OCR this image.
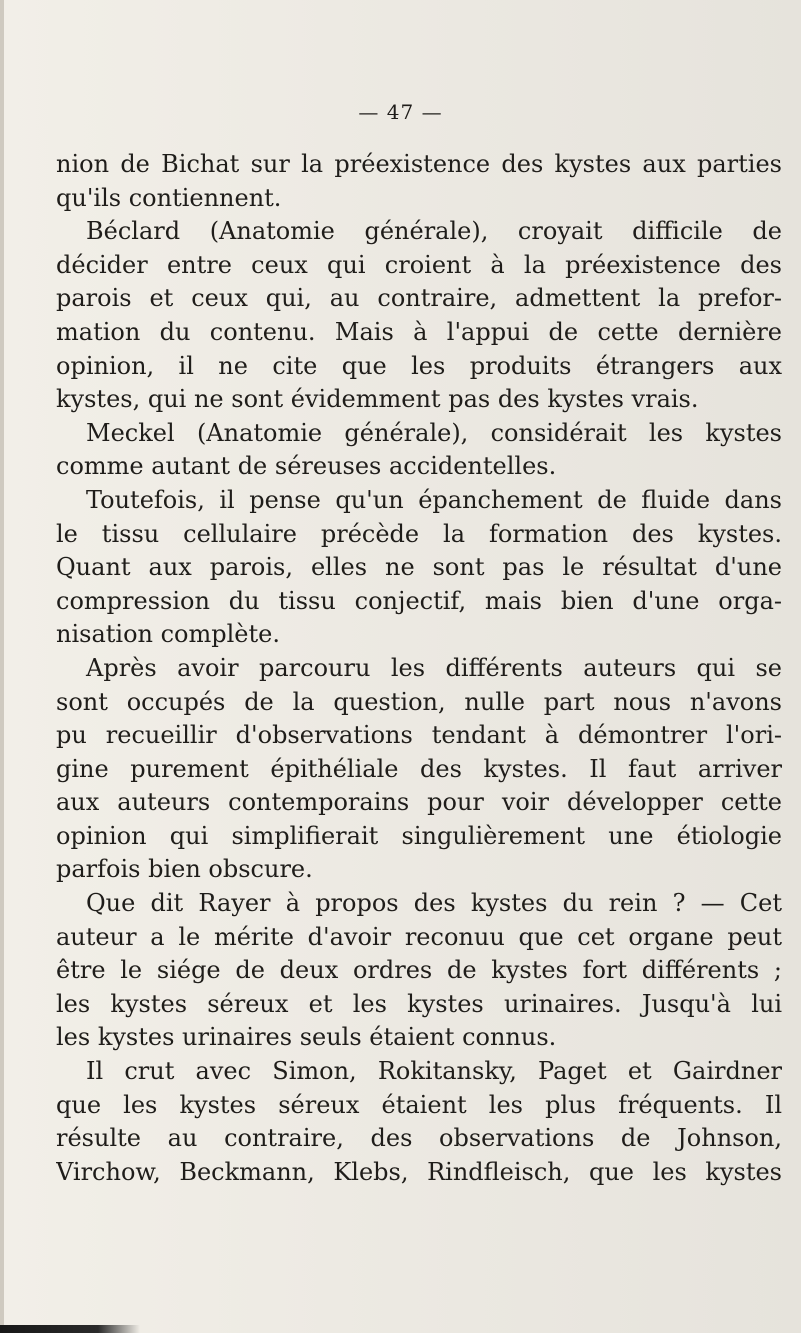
— 47 —
nion de Bichat sur la préexistence des kystes aux parties
qu'ils contiennent.
Béclard (Anatomie générale), croyait difficile de
décider entre ceux qui croient à la préexistence des
parois et ceux qui, au contraire, admettent la prefor-
mation du contenu. Mais à l'appui de cette dernière
opinion, il ne cite que les produits étrangers aux
kystes, qui ne sont évidemment pas des kystes vrais.
Meckel (Anatomie générale), considérait les kystes
comme autant de séreuses accidentelles.
Toutefois, il pense qu'un épanchement de fluide dans
le tissu cellulaire précède la formation des kystes.
Quant aux parois, elles ne sont pas le résultat d'une
compression du tissu conjectif, mais bien d'une orga-
nisation complète.
Après avoir parcouru les différents auteurs qui se
sont occupés de la question, nulle part nous n'avons
pu recueillir d'observations tendant à démontrer l'ori-
gine purement épithéliale des kystes. Il faut arriver
aux auteurs contemporains pour voir développer cette
opinion qui simplifierait singulièrement une étiologie
parfois bien obscure.
Que dit Rayer à propos des kystes du rein ? — Cet
auteur a le mérite d'avoir reconuu que cet organe peut
être le siége de deux ordres de kystes fort différents ;
les kystes séreux et les kystes urinaires. Jusqu'à lui
les kystes urinaires seuls étaient connus.
Il crut avec Simon, Rokitansky, Paget et Gairdner
que les kystes séreux étaient les plus fréquents. Il
résulte au contraire, des observations de Johnson,
Virchow, Beckmann, Klebs, Rindfleisch, que les kystes
